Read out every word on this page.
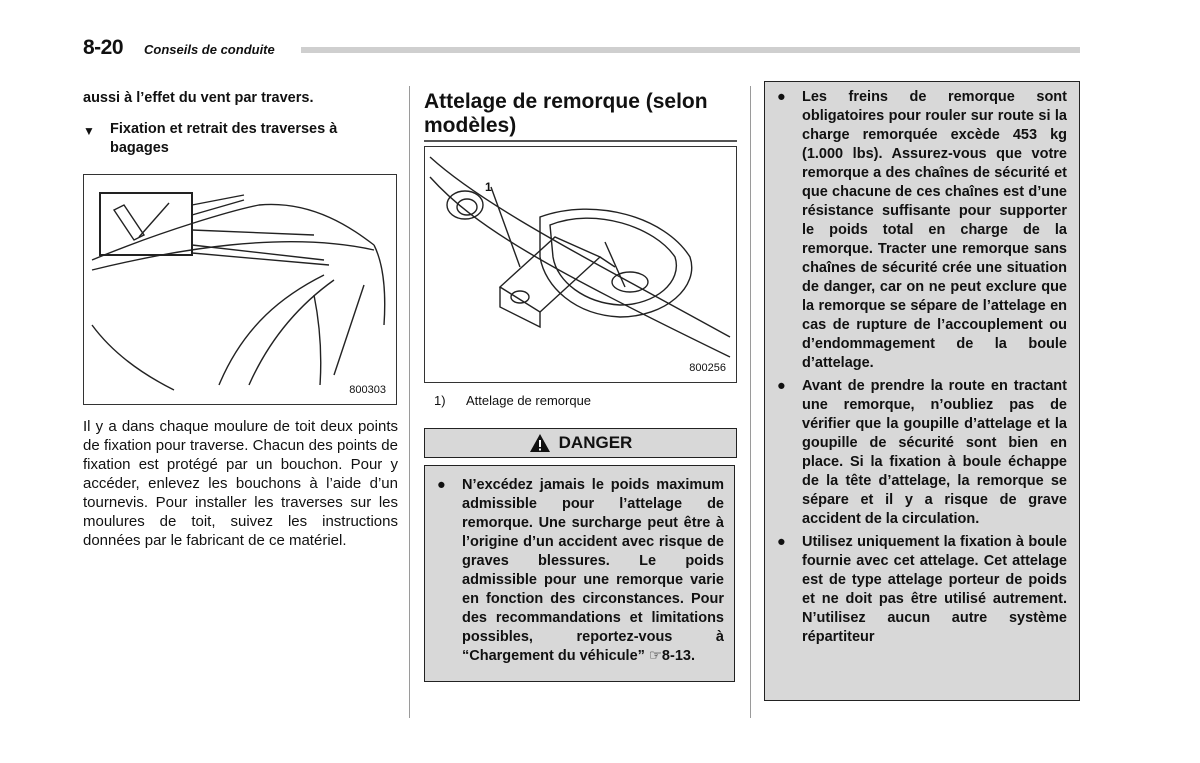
8-20 Conseils de conduite
aussi à l’effet du vent par travers.
▼	Fixation et retrait des traverses à bagages
800303
Il y a dans chaque moulure de toit deux points de fixation pour traverse. Chacun des points de fixation est protégé par un bouchon. Pour y accéder, enlevez les bouchons à l’aide d’un tournevis. Pour installer les traverses sur les moulures de toit, suivez les instructions données par le fabricant de ce matériel.
Attelage de remorque (selon modèles)
1
800256
1)	Attelage de remorque
DANGER
●	N’excédez jamais le poids maximum admissible pour l’attelage de remorque. Une surcharge peut être à l’origine d’un accident avec risque de graves blessures. Le poids admissible pour une remorque varie en fonction des circonstances. Pour des recommandations et limitations possibles, reportez-vous à “Chargement du véhicule” ☞8-13.
●	Les freins de remorque sont obligatoires pour rouler sur route si la charge remorquée excède 453 kg (1.000 lbs). Assurez-vous que votre remorque a des chaînes de sécurité et que chacune de ces chaînes est d’une résistance suffisante pour supporter le poids total en charge de la remorque. Tracter une remorque sans chaînes de sécurité crée une situation de danger, car on ne peut exclure que la remorque se sépare de l’attelage en cas de rupture de l’accouplement ou d’endommagement de la boule d’attelage.
●	Avant de prendre la route en tractant une remorque, n’oubliez pas de vérifier que la goupille d’attelage et la goupille de sécurité sont bien en place. Si la fixation à boule échappe de la tête d’attelage, la remorque se sépare et il y a risque de grave accident de la circulation.
●	Utilisez uniquement la fixation à boule fournie avec cet attelage. Cet attelage est de type attelage porteur de poids et ne doit pas être utilisé autrement. N’utilisez aucun autre système répartiteur
